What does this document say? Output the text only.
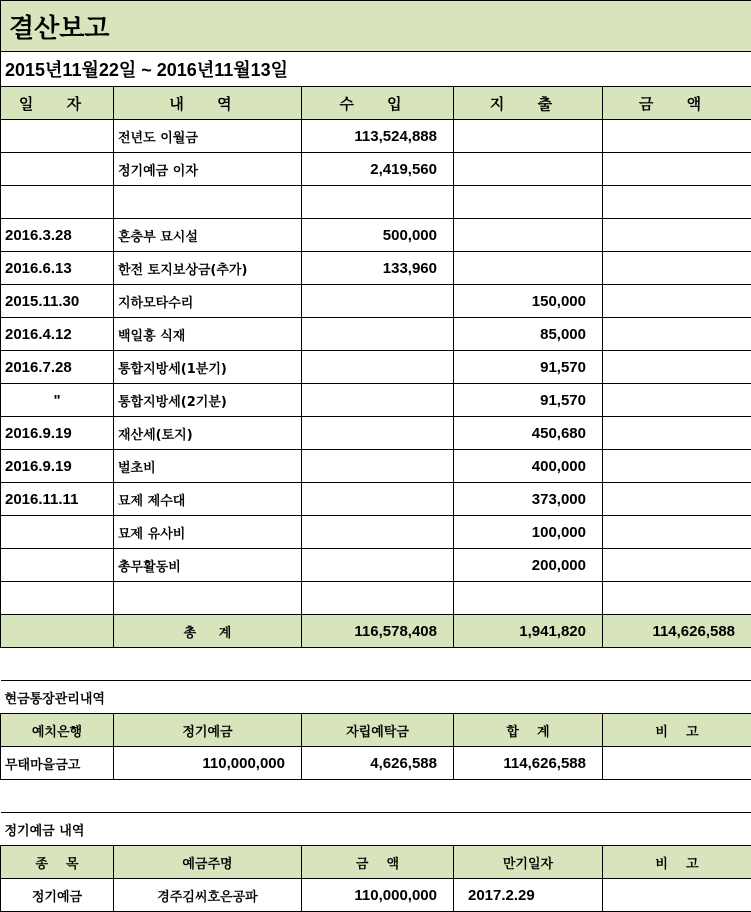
결산보고				
2015년11월22일 ~ 2016년11월13일				
일 자	내 역	수 입	지 출	금 액
	전년도 이월금	113,524,888		
	정기예금 이자	2,419,560		

2016.3.28	혼충부 묘시설	500,000		
2016.6.13	한전 토지보상금(추가)	133,960		
2015.11.30	지하모타수리		150,000	
2016.4.12	백일홍 식재		85,000	
2016.7.28	통합지방세(1분기)		91,570	
"	통합지방세(2기분)		91,570	
2016.9.19	재산세(토지)		450,680	
2016.9.19	벌초비		400,000	
2016.11.11	묘제 제수대		373,000	
	묘제 유사비		100,000	
	총무활동비		200,000	

	총     계	116,578,408	1,941,820	114,626,588

현금통장관리내역				
예치은행	정기예금	자립예탁금	합    계	비    고
무태마을금고	110,000,000	4,626,588	114,626,588	

정기예금 내역				
종    목	예금주명	금    액	만기일자	비    고
정기예금	경주김씨호은공파	110,000,000	2017.2.29	
